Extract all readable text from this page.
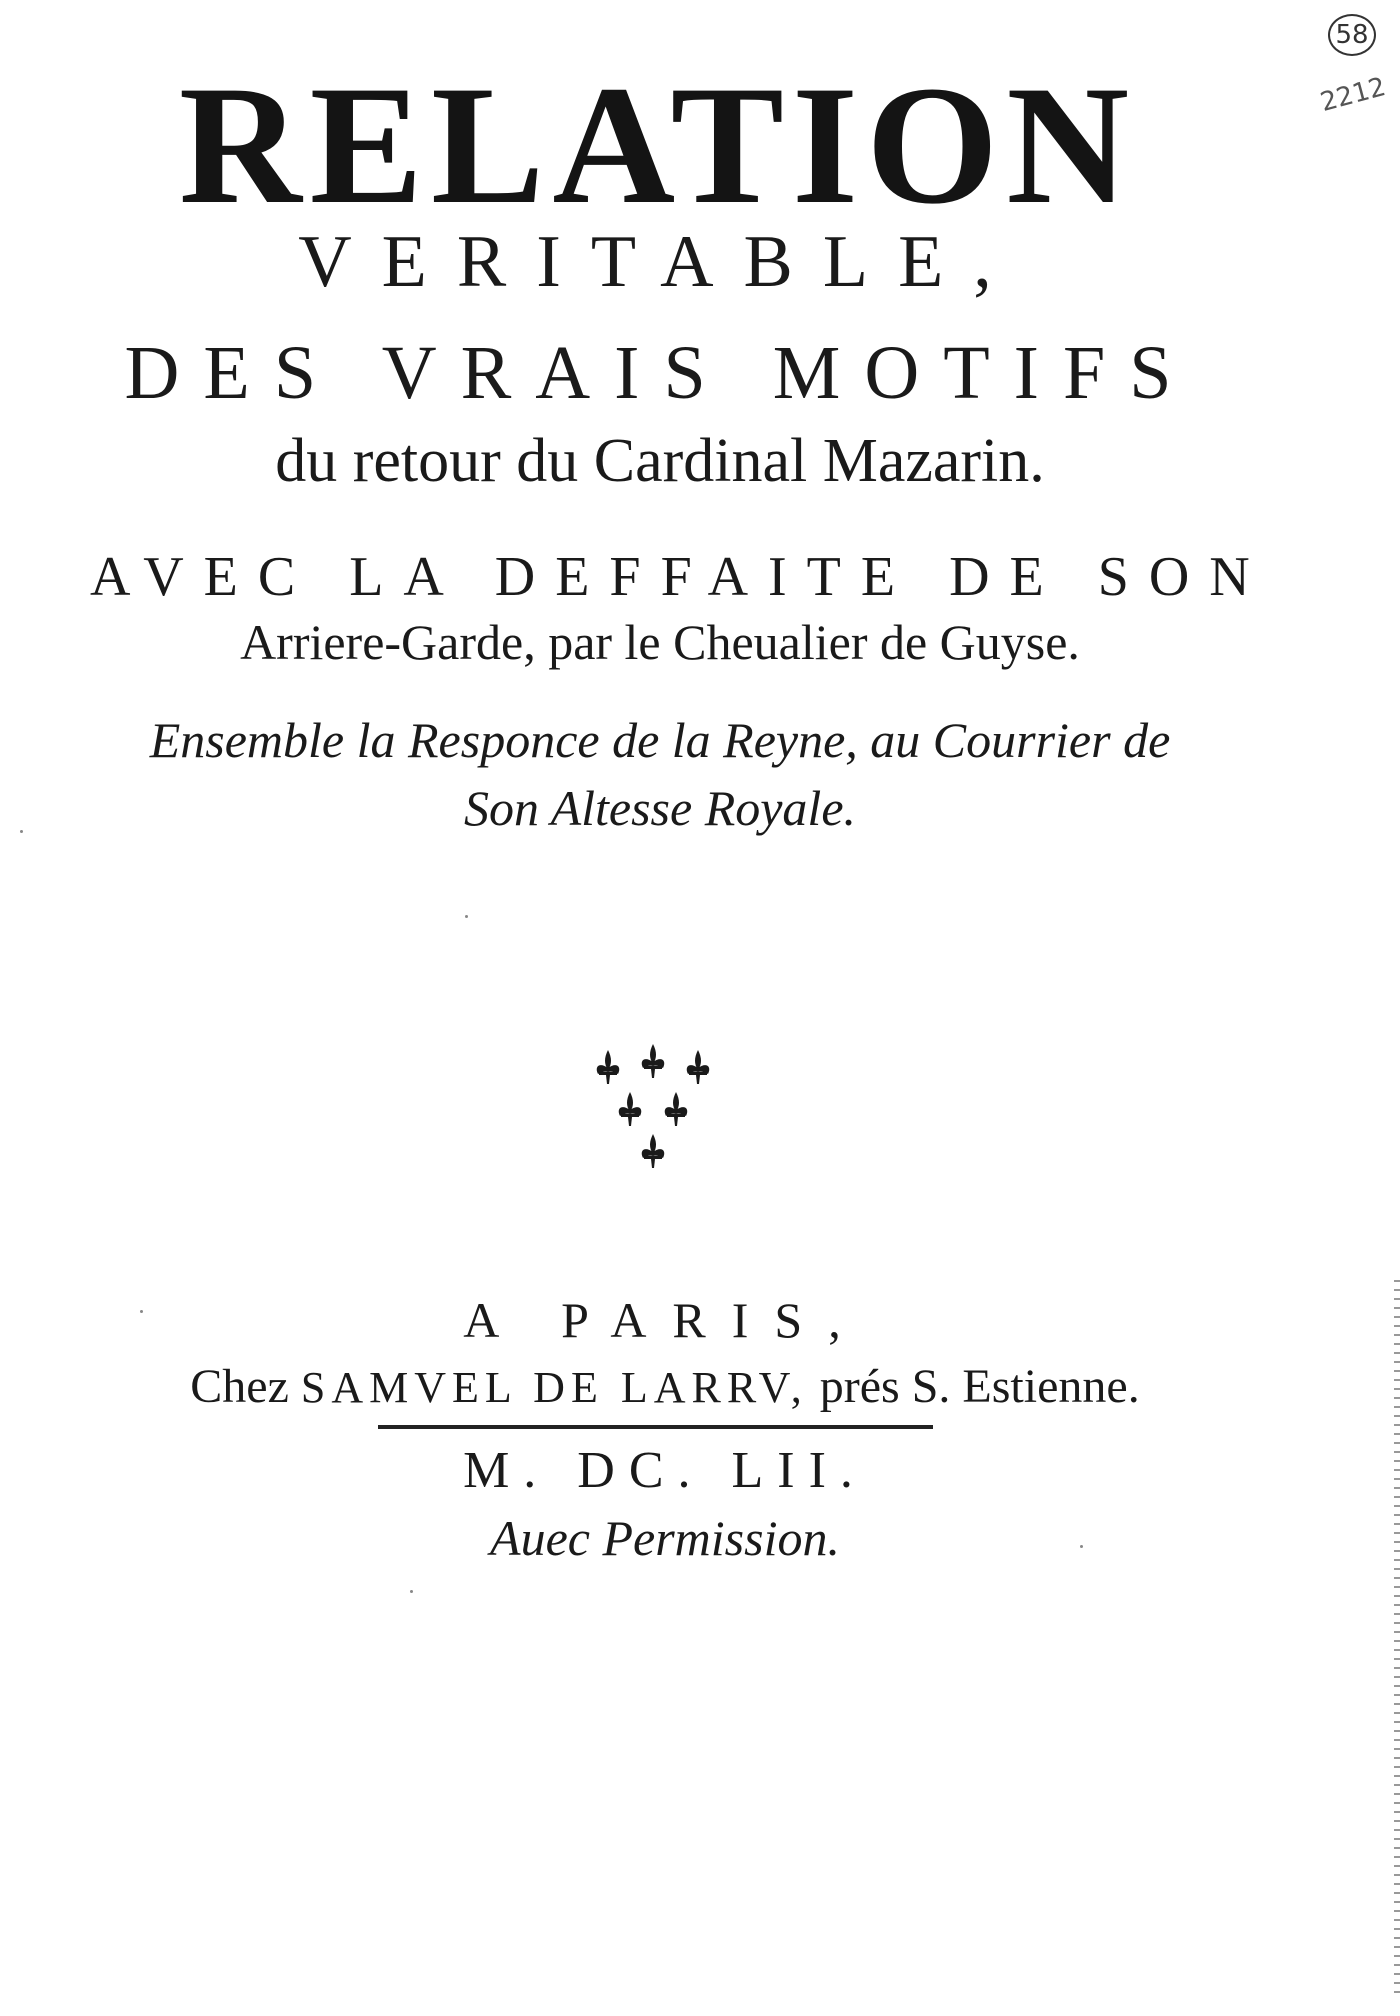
58
2212
RELATION
VERITABLE,
DES VRAIS MOTIFS
du retour du Cardinal Mazarin.
AVEC LA DEFFAITE DE SON
Arriere-Garde, par le Cheualier de Guyse.
Ensemble la Responce de la Reyne, au Courrier de
Son Altesse Royale.
A PARIS,
Chez SAMVEL DE LARRV, prés S. Estienne.
M. DC. LII.
Auec Permission.
